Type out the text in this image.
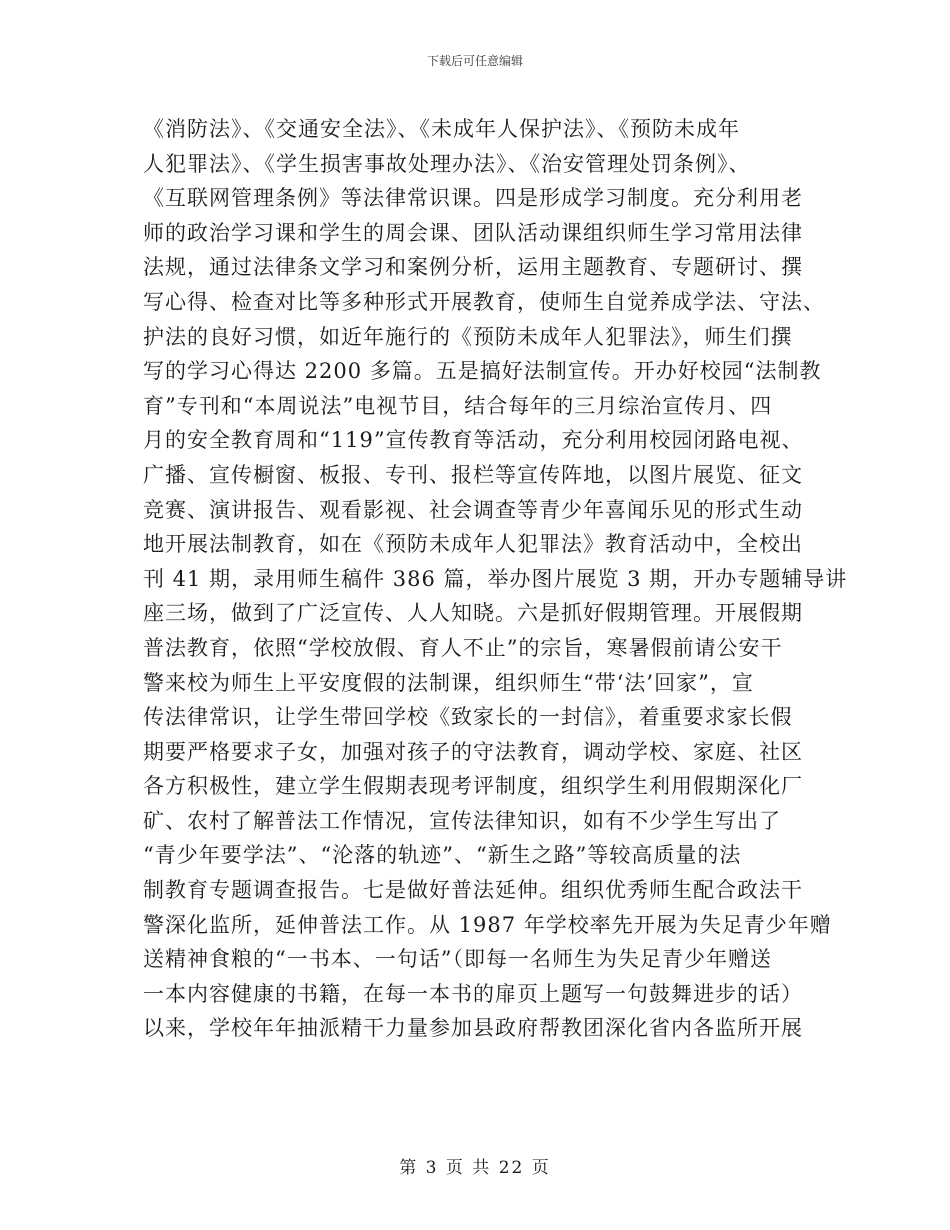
下载后可任意编辑
《消防法》、《交通安全法》、《未成年人保护法》、《预防未成年
人犯罪法》、《学生损害事故处理办法》、《治安管理处罚条例》、
《互联网管理条例》等法律常识课。四是形成学习制度。充分利用老
师的政治学习课和学生的周会课、团队活动课组织师生学习常用法律
法规，通过法律条文学习和案例分析，运用主题教育、专题研讨、撰
写心得、检查对比等多种形式开展教育，使师生自觉养成学法、守法、
护法的良好习惯，如近年施行的《预防未成年人犯罪法》，师生们撰
写的学习心得达 2200 多篇。五是搞好法制宣传。开办好校园“法制教
育”专刊和“本周说法”电视节目，结合每年的三月综治宣传月、四
月的安全教育周和“119”宣传教育等活动，充分利用校园闭路电视、
广播、宣传橱窗、板报、专刊、报栏等宣传阵地，以图片展览、征文
竞赛、演讲报告、观看影视、社会调查等青少年喜闻乐见的形式生动
地开展法制教育，如在《预防未成年人犯罪法》教育活动中，全校出
刊 41 期，录用师生稿件 386 篇，举办图片展览 3 期，开办专题辅导讲
座三场，做到了广泛宣传、人人知晓。六是抓好假期管理。开展假期
普法教育，依照“学校放假、育人不止”的宗旨，寒暑假前请公安干
警来校为师生上平安度假的法制课，组织师生“带‘法’回家”，宣
传法律常识，让学生带回学校《致家长的一封信》，着重要求家长假
期要严格要求子女，加强对孩子的守法教育，调动学校、家庭、社区
各方积极性，建立学生假期表现考评制度，组织学生利用假期深化厂
矿、农村了解普法工作情况，宣传法律知识，如有不少学生写出了
“青少年要学法”、“沦落的轨迹”、“新生之路”等较高质量的法
制教育专题调查报告。七是做好普法延伸。组织优秀师生配合政法干
警深化监所，延伸普法工作。从 1987 年学校率先开展为失足青少年赠
送精神食粮的“一书本、一句话”（即每一名师生为失足青少年赠送
一本内容健康的书籍，在每一本书的扉页上题写一句鼓舞进步的话）
以来，学校年年抽派精干力量参加县政府帮教团深化省内各监所开展
第 3 页 共 22 页
